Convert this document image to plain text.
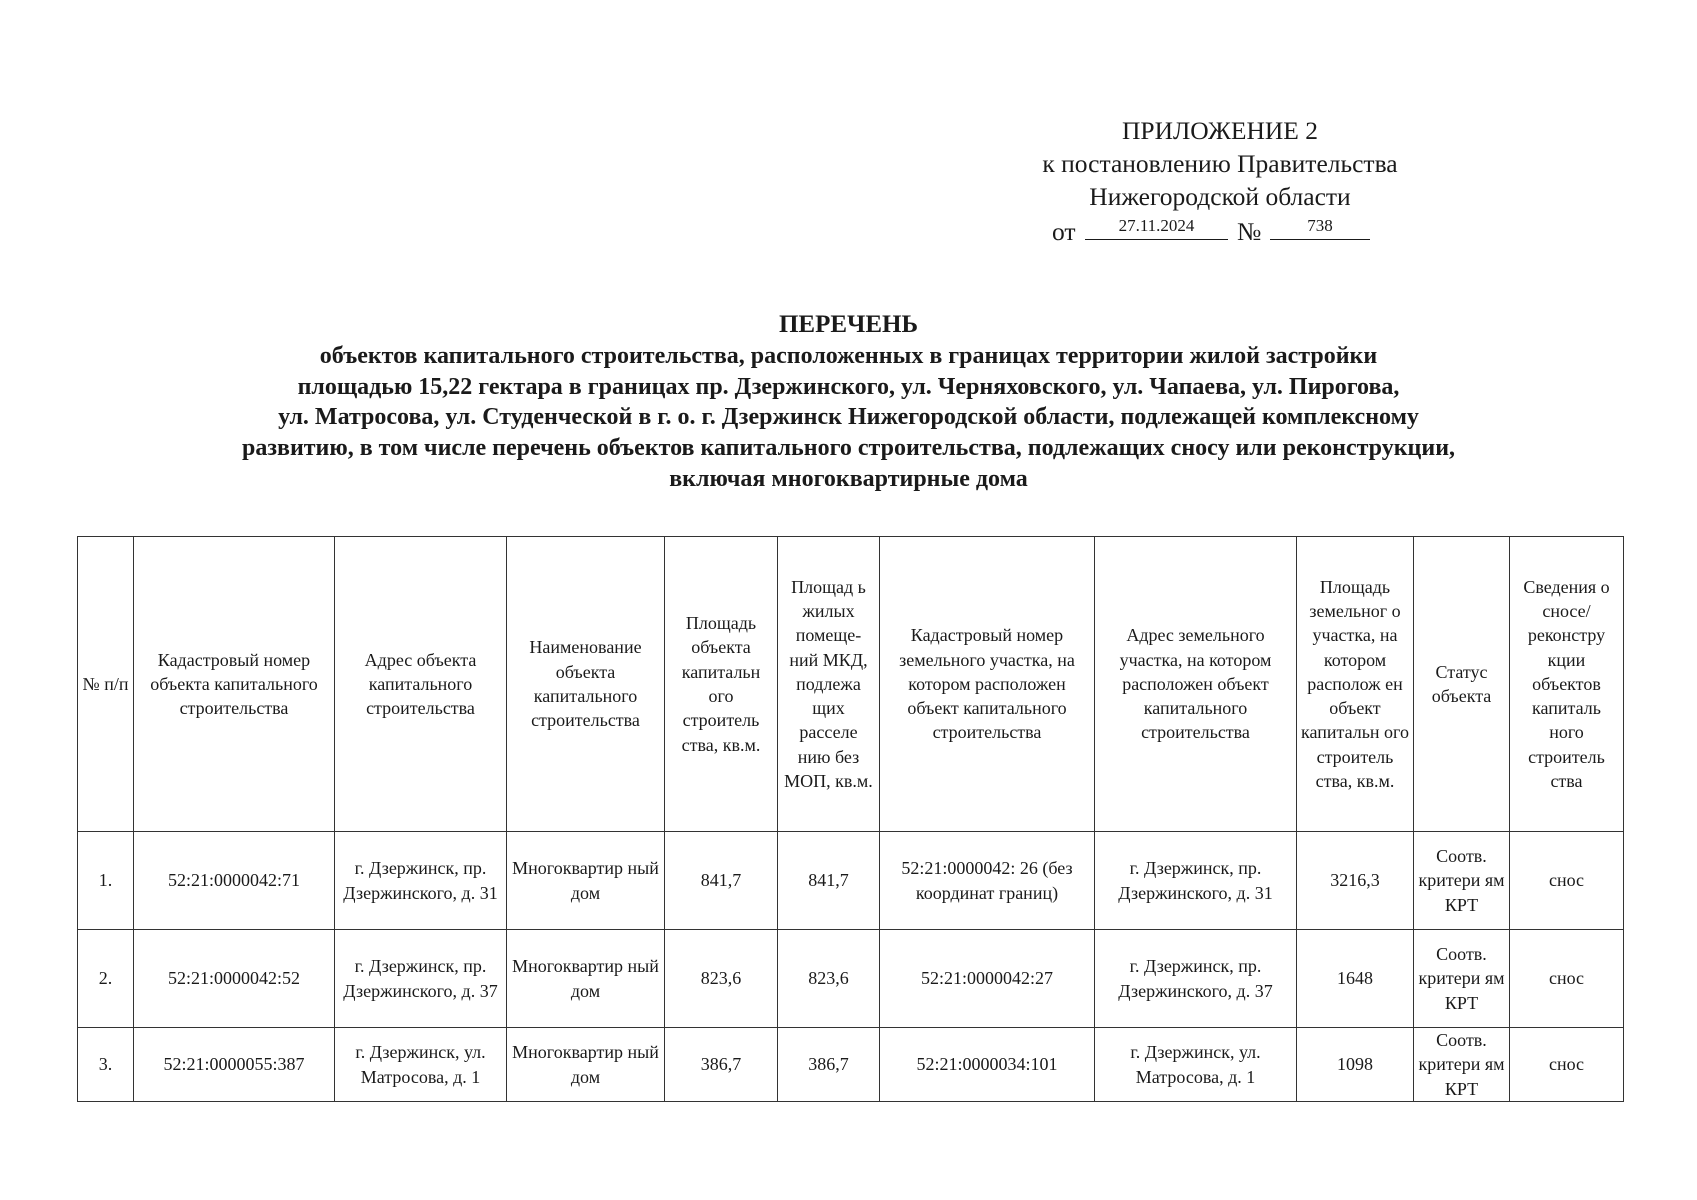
ПРИЛОЖЕНИЕ 2
к постановлению Правительства
Нижегородской области
от	27.11.2024	№	738
ПЕРЕЧЕНЬ
объектов капитального строительства, расположенных в границах территории жилой застройки
площадью 15,22 гектара в границах пр. Дзержинского, ул. Черняховского, ул. Чапаева, ул. Пирогова,
ул. Матросова, ул. Студенческой в г. о. г. Дзержинск Нижегородской области, подлежащей комплексному
развитию, в том числе перечень объектов капитального строительства, подлежащих сносу или реконструкции,
включая многоквартирные дома
№ п/п	Кадастровый номер объекта капитального строительства	Адрес объекта капитального строительства	Наименование объекта капитального строительства	Площадь объекта капитальн ого строитель ства, кв.м.	Площад ь жилых помеще- ний МКД, подлежа щих расселе нию без МОП, кв.м.	Кадастровый номер земельного участка, на котором расположен объект капитального строительства	Адрес земельного участка, на котором расположен объект капитального строительства	Площадь земельног о участка, на котором располож ен объект капитальн ого строитель ства, кв.м.	Статус объекта	Сведения о сносе/ реконстру кции объектов капиталь ного строитель ства
1.	52:21:0000042:71	г. Дзержинск, пр. Дзержинского, д. 31	Многоквартир ный дом	841,7	841,7	52:21:0000042: 26 (без координат границ)	г. Дзержинск, пр. Дзержинского, д. 31	3216,3	Соотв. критери ям КРТ	снос
2.	52:21:0000042:52	г. Дзержинск, пр. Дзержинского, д. 37	Многоквартир ный дом	823,6	823,6	52:21:0000042:27	г. Дзержинск, пр. Дзержинского, д. 37	1648	Соотв. критери ям КРТ	снос
3.	52:21:0000055:387	г. Дзержинск, ул. Матросова, д. 1	Многоквартир ный дом	386,7	386,7	52:21:0000034:101	г. Дзержинск, ул. Матросова, д. 1	1098	Соотв. критери ям КРТ	снос
